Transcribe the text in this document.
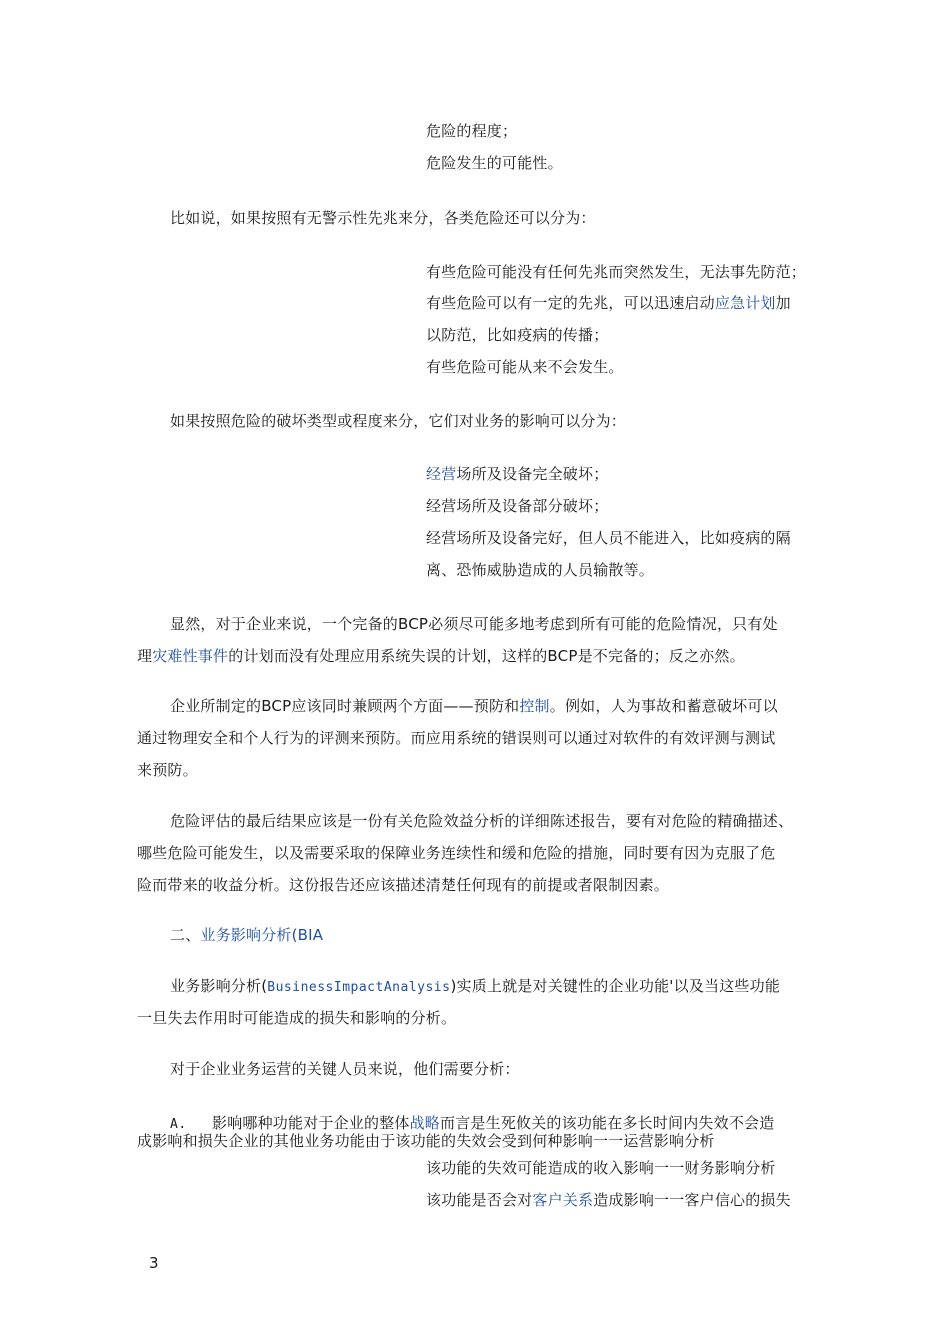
危险的程度；
危险发生的可能性。
比如说，如果按照有无警示性先兆来分，各类危险还可以分为：
有些危险可能没有任何先兆而突然发生，无法事先防范；
有些危险可以有一定的先兆，可以迅速启动应急计划加
以防范，比如疫病的传播；
有些危险可能从来不会发生。
如果按照危险的破坏类型或程度来分，它们对业务的影响可以分为：
经营场所及设备完全破坏；
经营场所及设备部分破坏；
经营场所及设备完好，但人员不能进入，比如疫病的隔
离、恐怖威胁造成的人员输散等。
显然，对于企业来说，一个完备的BCP必须尽可能多地考虑到所有可能的危险情况，只有处
理灾难性事件的计划而没有处理应用系统失误的计划，这样的BCP是不完备的；反之亦然。
企业所制定的BCP应该同时兼顾两个方面——预防和控制。例如，人为事故和蓄意破坏可以
通过物理安全和个人行为的评测来预防。而应用系统的错误则可以通过对软件的有效评测与测试
来预防。
危险评估的最后结果应该是一份有关危险效益分析的详细陈述报告，要有对危险的精确描述、
哪些危险可能发生，以及需要采取的保障业务连续性和缓和危险的措施，同时要有因为克服了危
险而带来的收益分析。这份报告还应该描述清楚任何现有的前提或者限制因素。
二、业务影响分析(BIA
业务影响分析(BusinessImpactAnalysis)实质上就是对关键性的企业功能'以及当这些功能
一旦失去作用时可能造成的损失和影响的分析。
对于企业业务运营的关键人员来说，他们需要分析：
A. 影响哪种功能对于企业的整体战略而言是生死攸关的该功能在多长时间内失效不会造
成影响和损失企业的其他业务功能由于该功能的失效会受到何种影响一一运营影响分析
该功能的失效可能造成的收入影响一一财务影响分析
该功能是否会对客户关系造成影响一一客户信心的损失
3
